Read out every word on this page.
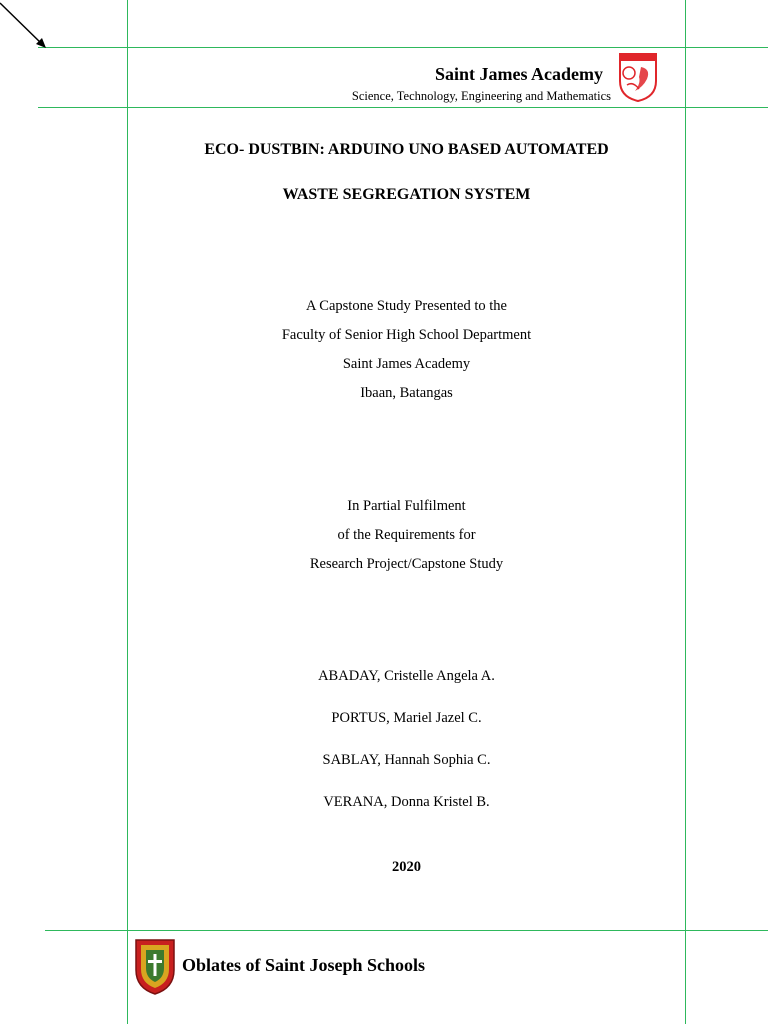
Saint James Academy
Science, Technology, Engineering and Mathematics
ECO- DUSTBIN: ARDUINO UNO BASED AUTOMATED
WASTE SEGREGATION SYSTEM
A Capstone Study Presented to the
Faculty of Senior High School Department
Saint James Academy
Ibaan, Batangas
In Partial Fulfilment
of the Requirements for
Research Project/Capstone Study
ABADAY, Cristelle Angela A.
PORTUS, Mariel Jazel C.
SABLAY, Hannah Sophia C.
VERANA, Donna Kristel B.
2020
Oblates of Saint Joseph Schools
